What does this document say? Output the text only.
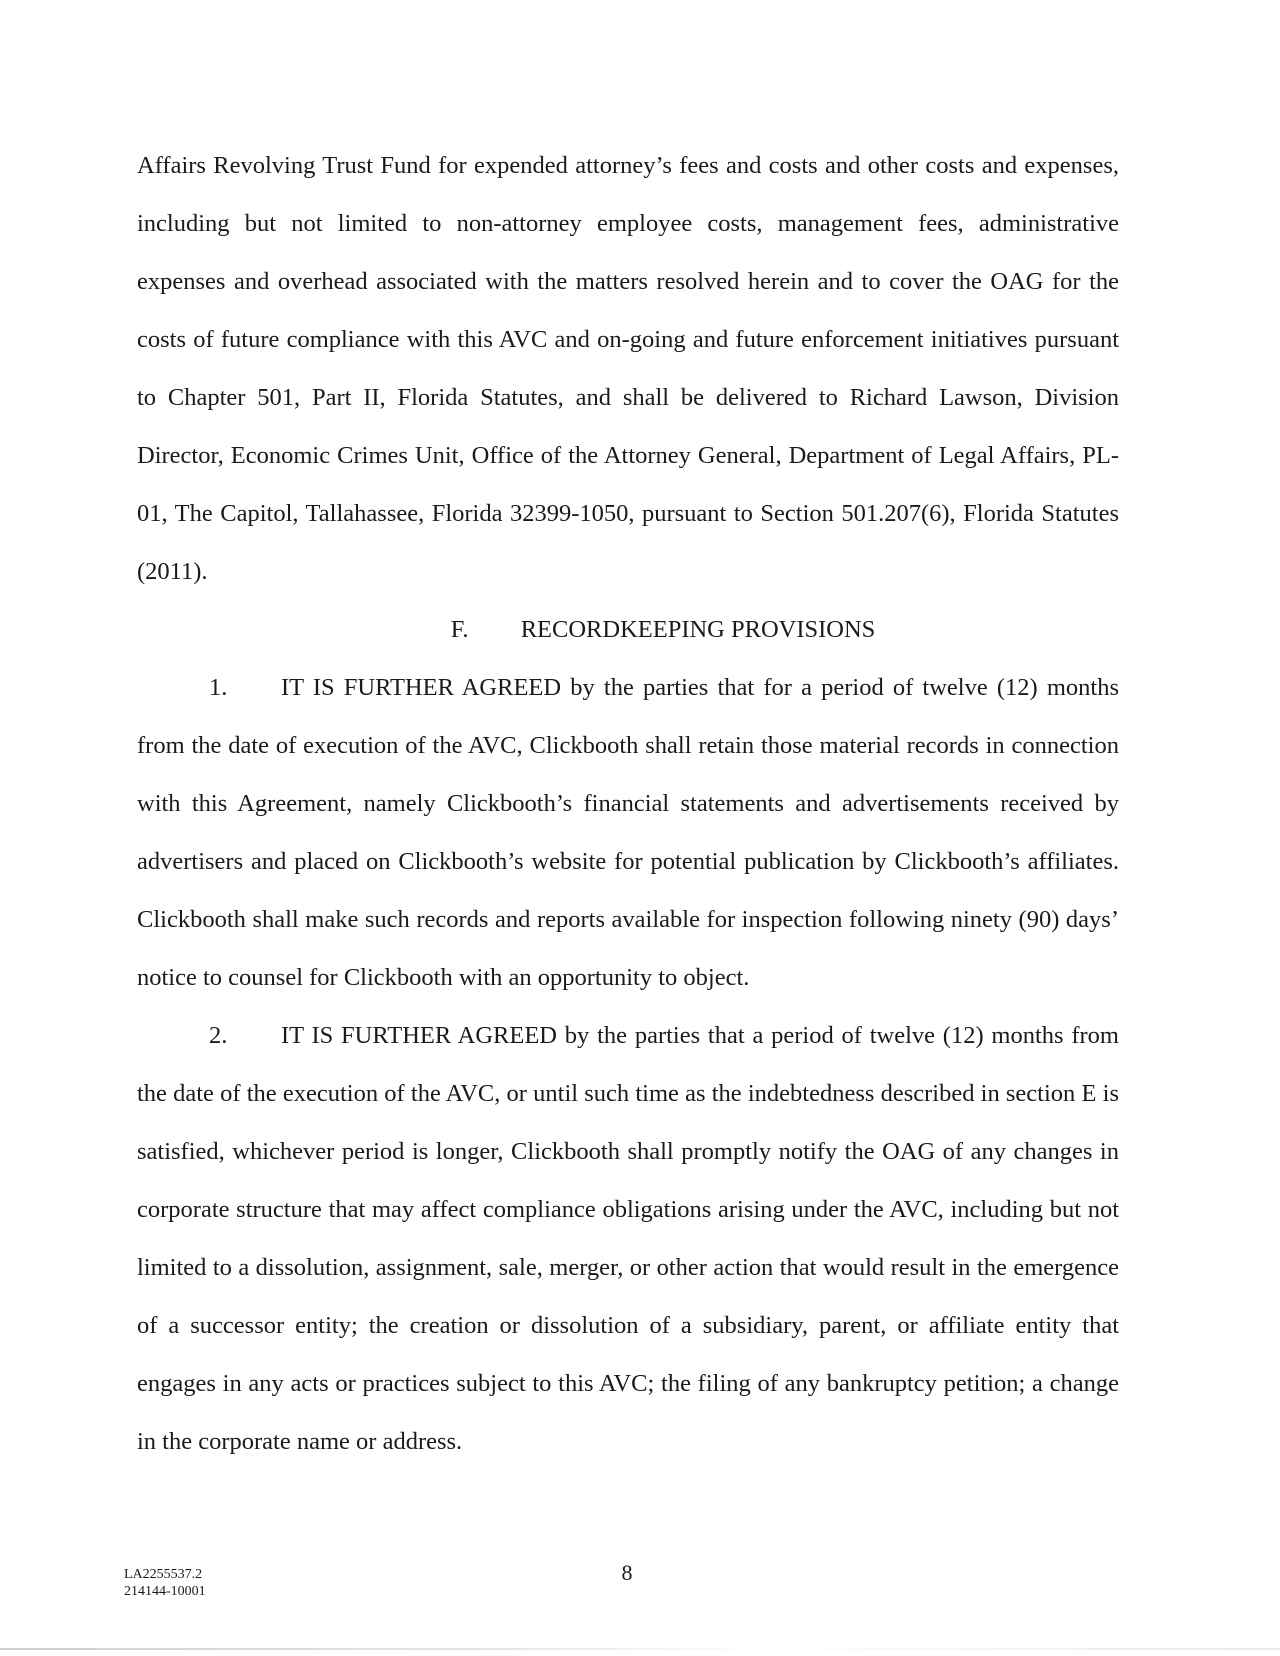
Affairs Revolving Trust Fund for expended attorney’s fees and costs and other costs and expenses, including but not limited to non-attorney employee costs, management fees, administrative expenses and overhead associated with the matters resolved herein and to cover the OAG for the costs of future compliance with this AVC and on-going and future enforcement initiatives pursuant to Chapter 501, Part II, Florida Statutes, and shall be delivered to Richard Lawson, Division Director, Economic Crimes Unit, Office of the Attorney General, Department of Legal Affairs, PL-01, The Capitol, Tallahassee, Florida 32399-1050, pursuant to Section 501.207(6), Florida Statutes (2011).

F. RECORDKEEPING PROVISIONS

1. IT IS FURTHER AGREED by the parties that for a period of twelve (12) months from the date of execution of the AVC, Clickbooth shall retain those material records in connection with this Agreement, namely Clickbooth’s financial statements and advertisements received by advertisers and placed on Clickbooth’s website for potential publication by Clickbooth’s affiliates. Clickbooth shall make such records and reports available for inspection following ninety (90) days’ notice to counsel for Clickbooth with an opportunity to object.

2. IT IS FURTHER AGREED by the parties that a period of twelve (12) months from the date of the execution of the AVC, or until such time as the indebtedness described in section E is satisfied, whichever period is longer, Clickbooth shall promptly notify the OAG of any changes in corporate structure that may affect compliance obligations arising under the AVC, including but not limited to a dissolution, assignment, sale, merger, or other action that would result in the emergence of a successor entity; the creation or dissolution of a subsidiary, parent, or affiliate entity that engages in any acts or practices subject to this AVC; the filing of any bankruptcy petition; a change in the corporate name or address.

LA2255537.2
214144-10001
8
